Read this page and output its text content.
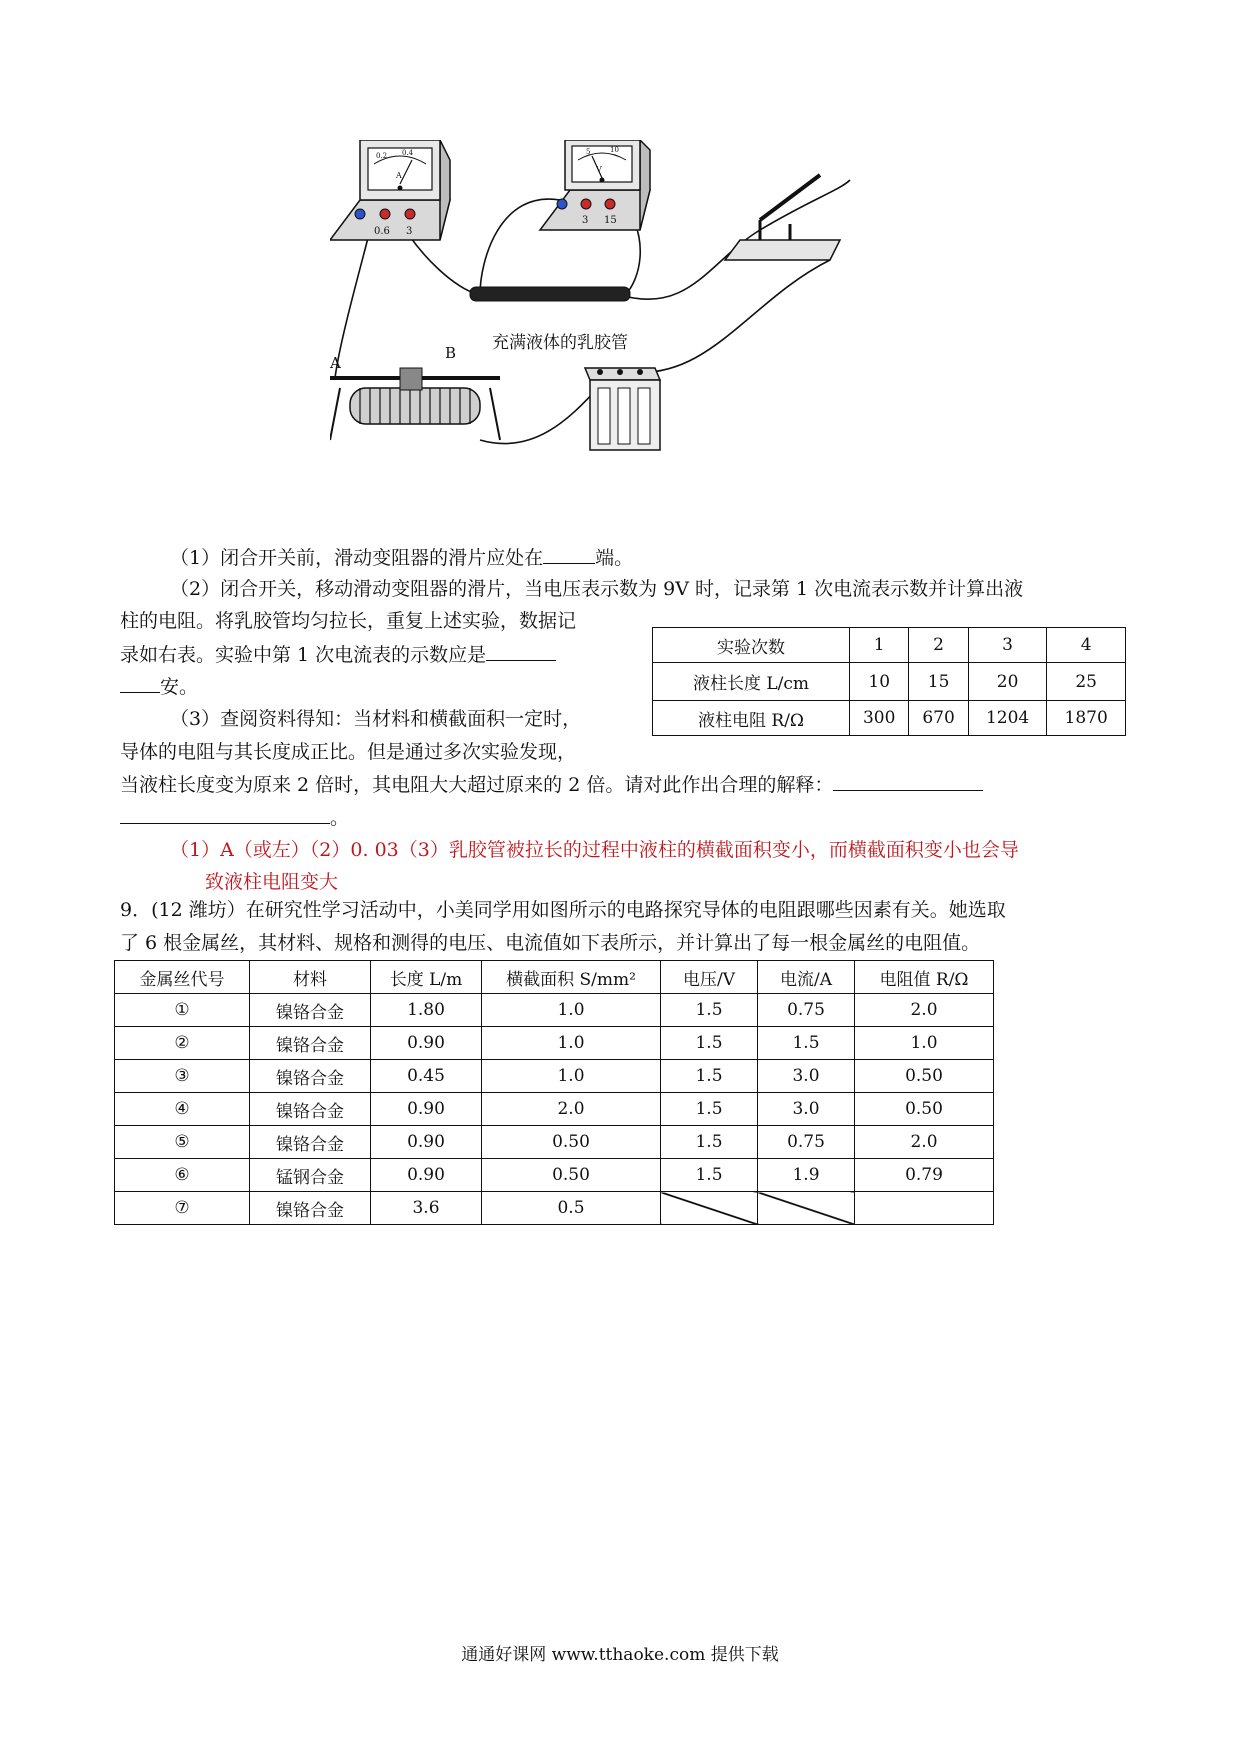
0.6 3
A
0.2 0.4
3 15
V
5	10
充满液体的乳胶管
A
B
（1）闭合开关前，滑动变阻器的滑片应处在	端。
（2）闭合开关，移动滑动变阻器的滑片，当电压表示数为 9V 时，记录第 1 次电流表示数并计算出液
柱的电阻。将乳胶管均匀拉长，重复上述实验，数据记
录如右表。实验中第 1 次电流表的示数应是
安。
（3）查阅资料得知：当材料和横截面积一定时，
导体的电阻与其长度成正比。但是通过多次实验发现，
当液柱长度变为原来 2 倍时，其电阻大大超过原来的 2 倍。请对此作出合理的解释：
。
（1）A（或左）（2）0. 03（3）乳胶管被拉长的过程中液柱的横截面积变小，而横截面积变小也会导
致液柱电阻变大
实验次数	1	2	3	4
液柱长度 L/cm	10	15	20	25
液柱电阻 R/Ω	300	670	1204	1870
9．(12 潍坊）在研究性学习活动中，小美同学用如图所示的电路探究导体的电阻跟哪些因素有关。她选取
了 6 根金属丝，其材料、规格和测得的电压、电流值如下表所示，并计算出了每一根金属丝的电阻值。
金属丝代号	材料	长度 L/m	横截面积 S/mm²	电压/V	电流/A	电阻值 R/Ω
①	镍铬合金	1.80	1.0	1.5	0.75	2.0
②	镍铬合金	0.90	1.0	1.5	1.5	1.0
③	镍铬合金	0.45	1.0	1.5	3.0	0.50
④	镍铬合金	0.90	2.0	1.5	3.0	0.50
⑤	镍铬合金	0.90	0.50	1.5	0.75	2.0
⑥	锰钢合金	0.90	0.50	1.5	1.9	0.79
⑦	镍铬合金	3.6	0.5			
通通好课网 www.tthaoke.com 提供下载
